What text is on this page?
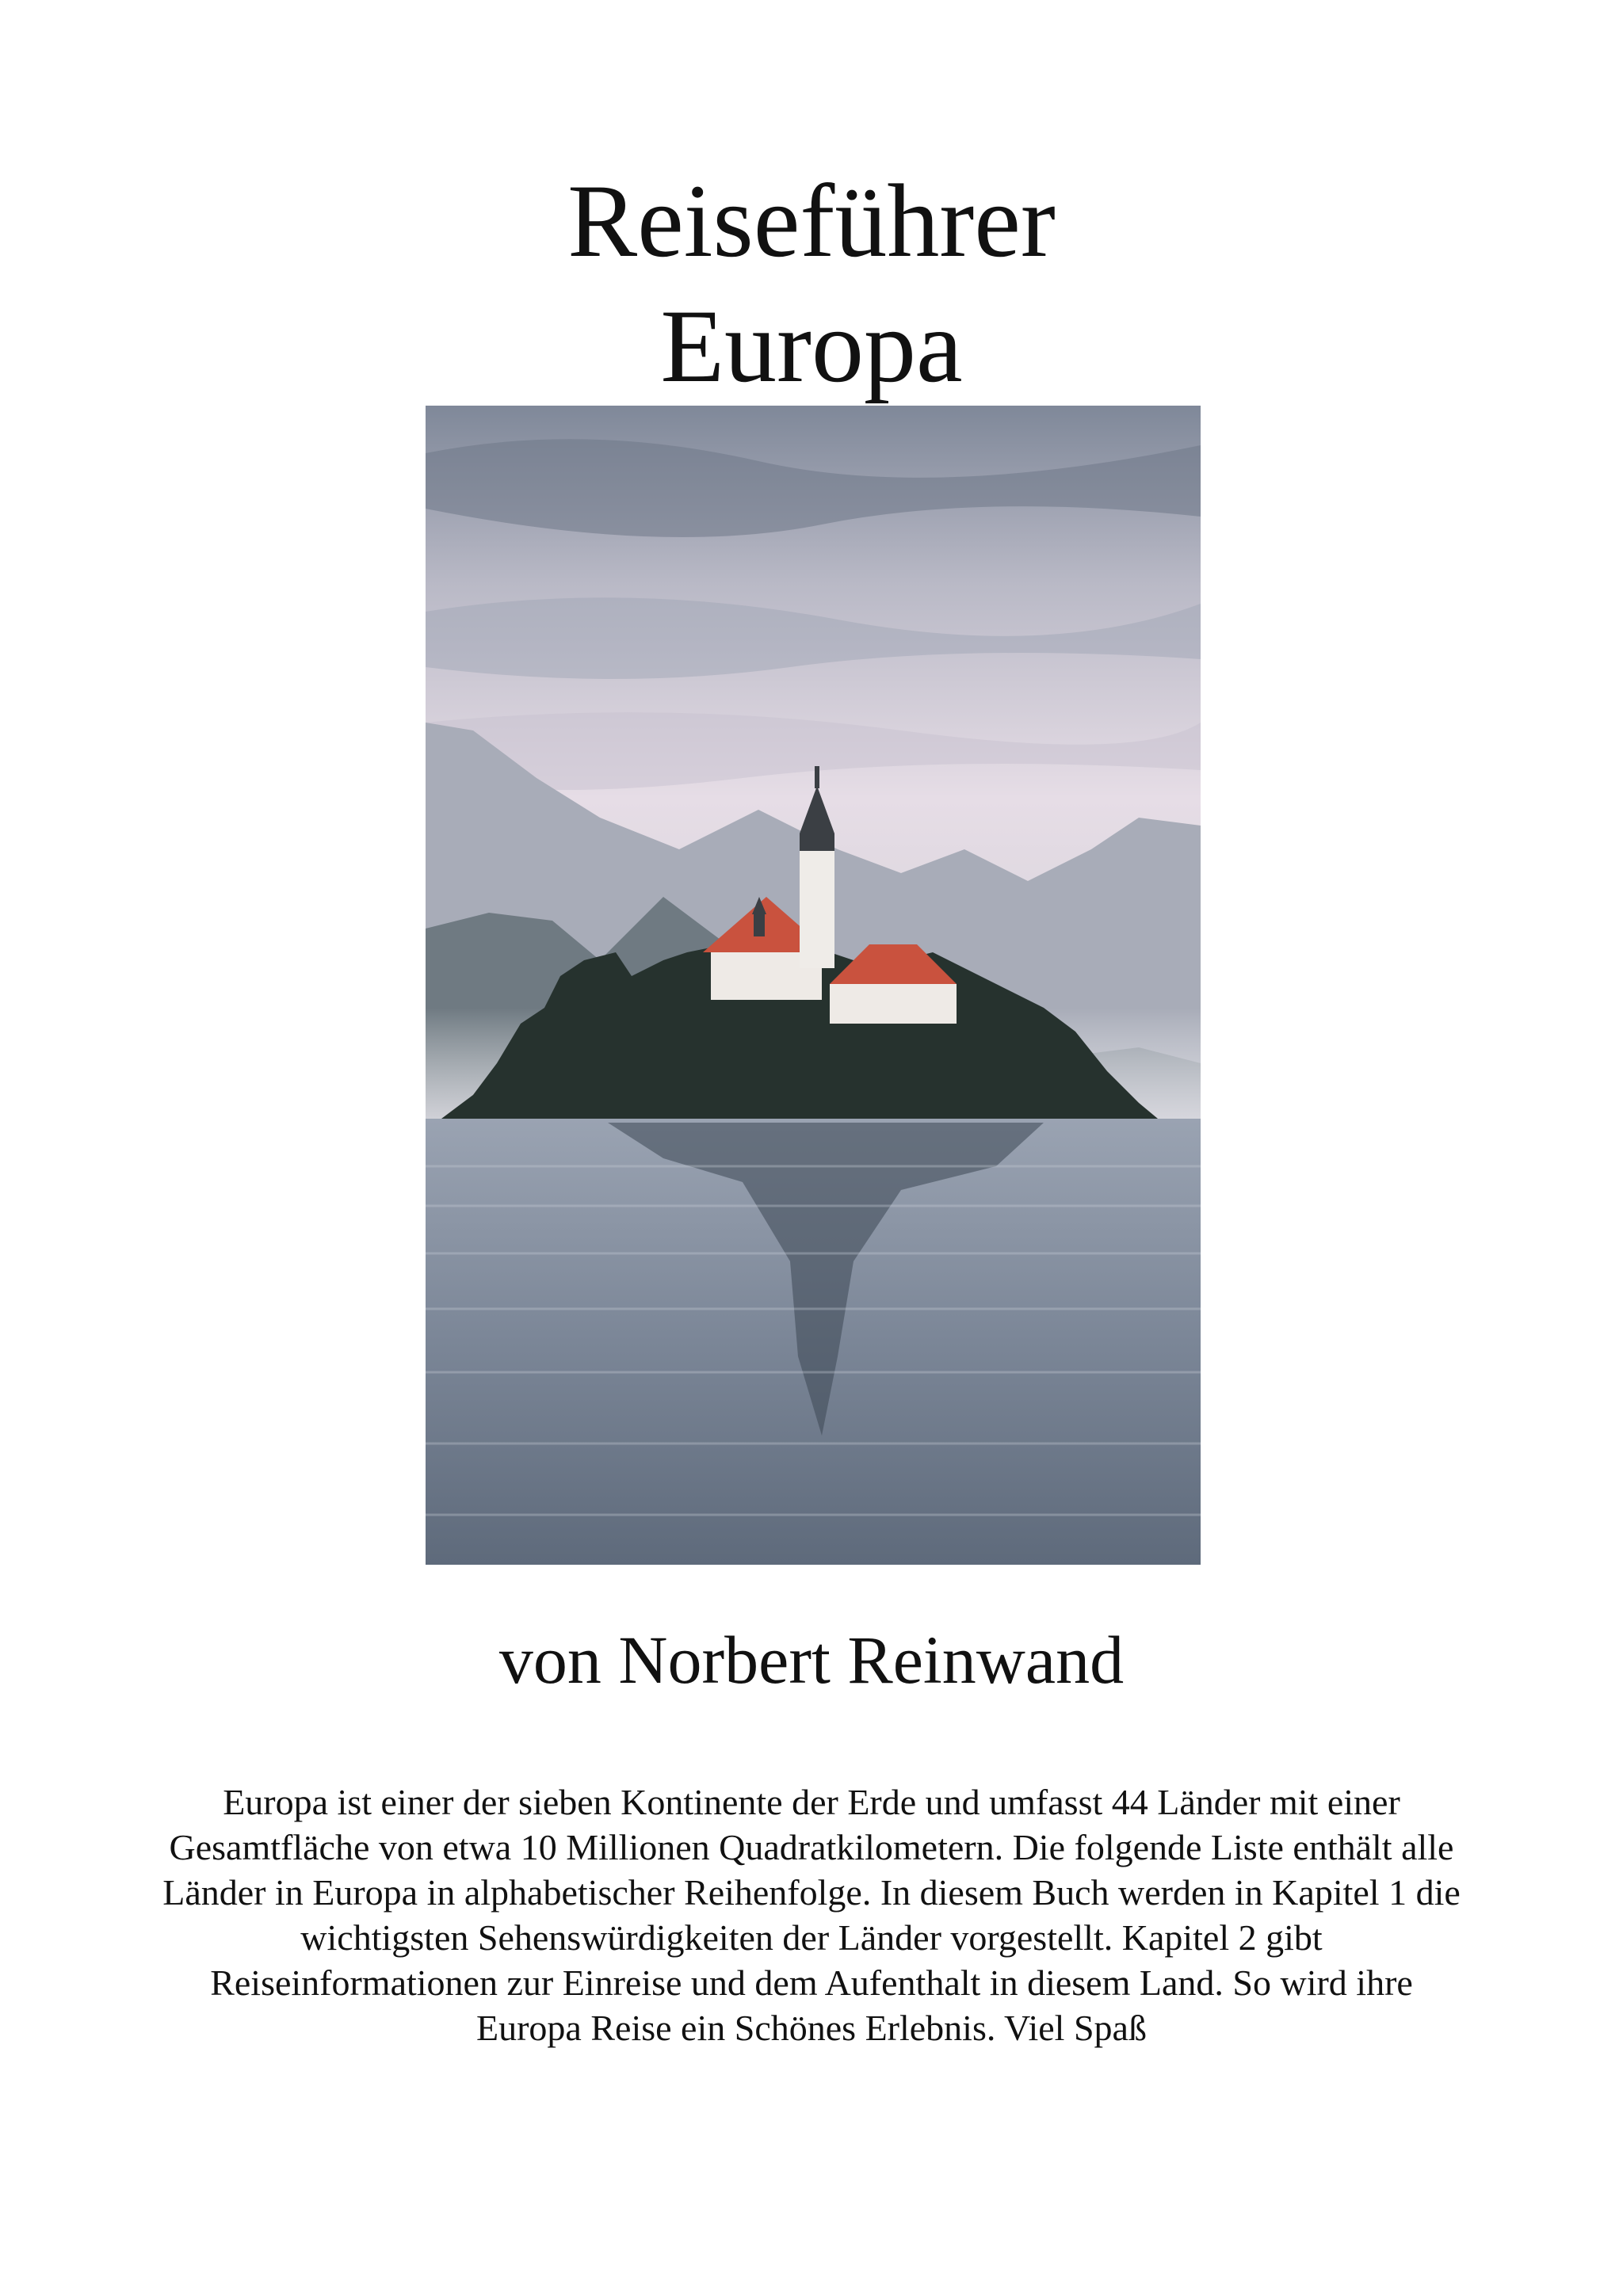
Reiseführer
Europa

von Norbert Reinwand

Europa ist einer der sieben Kontinente der Erde und umfasst 44 Länder mit einer Gesamtfläche von etwa 10 Millionen Quadratkilometern. Die folgende Liste enthält alle Länder in Europa in alphabetischer Reihenfolge. In diesem Buch werden in Kapitel 1 die wichtigsten Sehenswürdigkeiten der Länder vorgestellt. Kapitel 2 gibt Reiseinformationen zur Einreise und dem Aufenthalt in diesem Land. So wird ihre Europa Reise ein Schönes Erlebnis. Viel Spaß
